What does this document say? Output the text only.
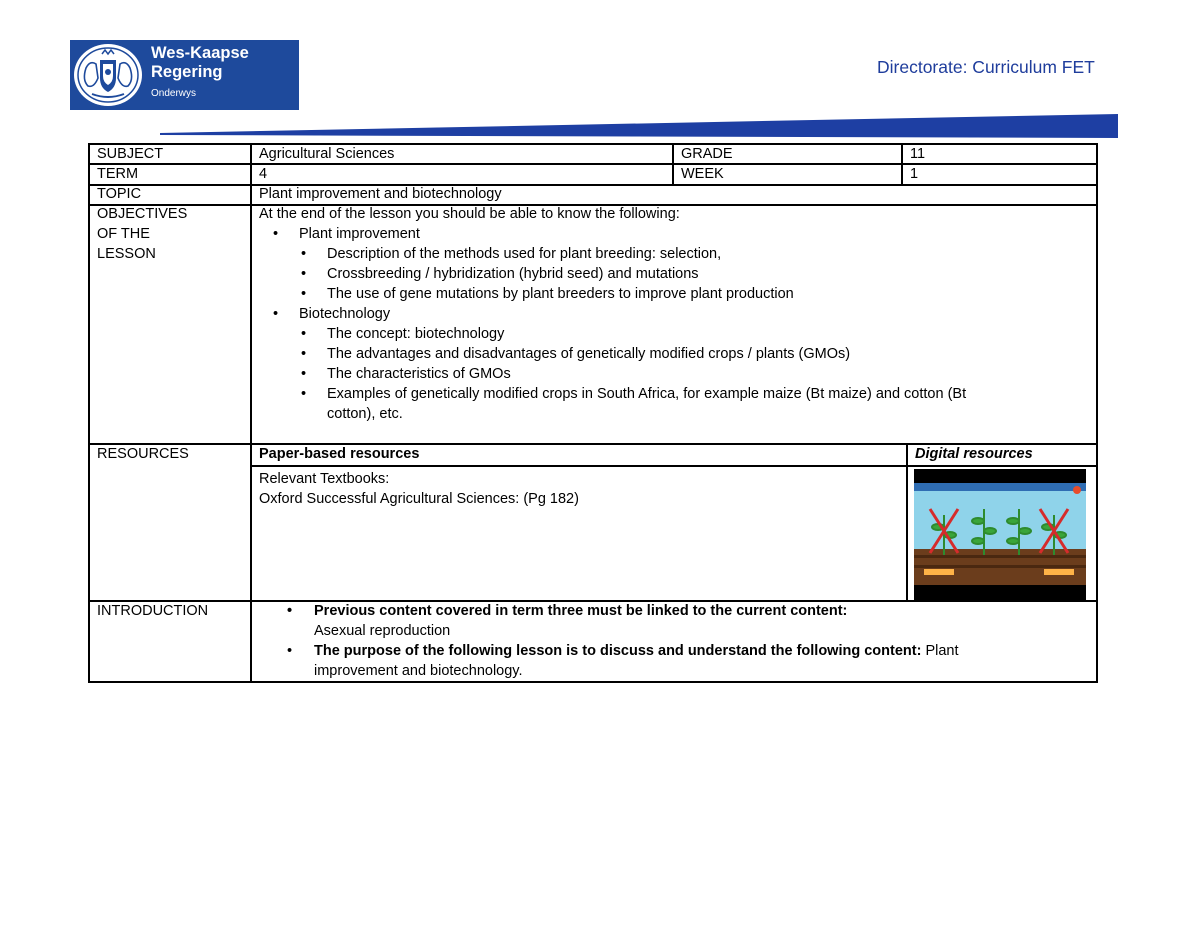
Wes-Kaapse
Regering
Onderwys
Directorate: Curriculum FET
SUBJECT	Agricultural Sciences	GRADE	11
TERM	4	WEEK	1
TOPIC	Plant improvement and biotechnology
OBJECTIVES
OF THE
LESSON
At the end of the lesson you should be able to know the following:
• Plant improvement
• Description of the methods used for plant breeding: selection,
• Crossbreeding / hybridization (hybrid seed) and mutations
• The use of gene mutations by plant breeders to improve plant production
• Biotechnology
• The concept: biotechnology
• The advantages and disadvantages of genetically modified crops / plants (GMOs)
• The characteristics of GMOs
• Examples of genetically modified crops in South Africa, for example maize (Bt maize) and cotton (Bt
cotton), etc.
RESOURCES	Paper-based resources	Digital resources
Relevant Textbooks:
Oxford Successful Agricultural Sciences: (Pg 182)
INTRODUCTION
•	Previous content covered in term three must be linked to the current content:
Asexual reproduction
• The purpose of the following lesson is to discuss and understand the following content: Plant
improvement and biotechnology.
